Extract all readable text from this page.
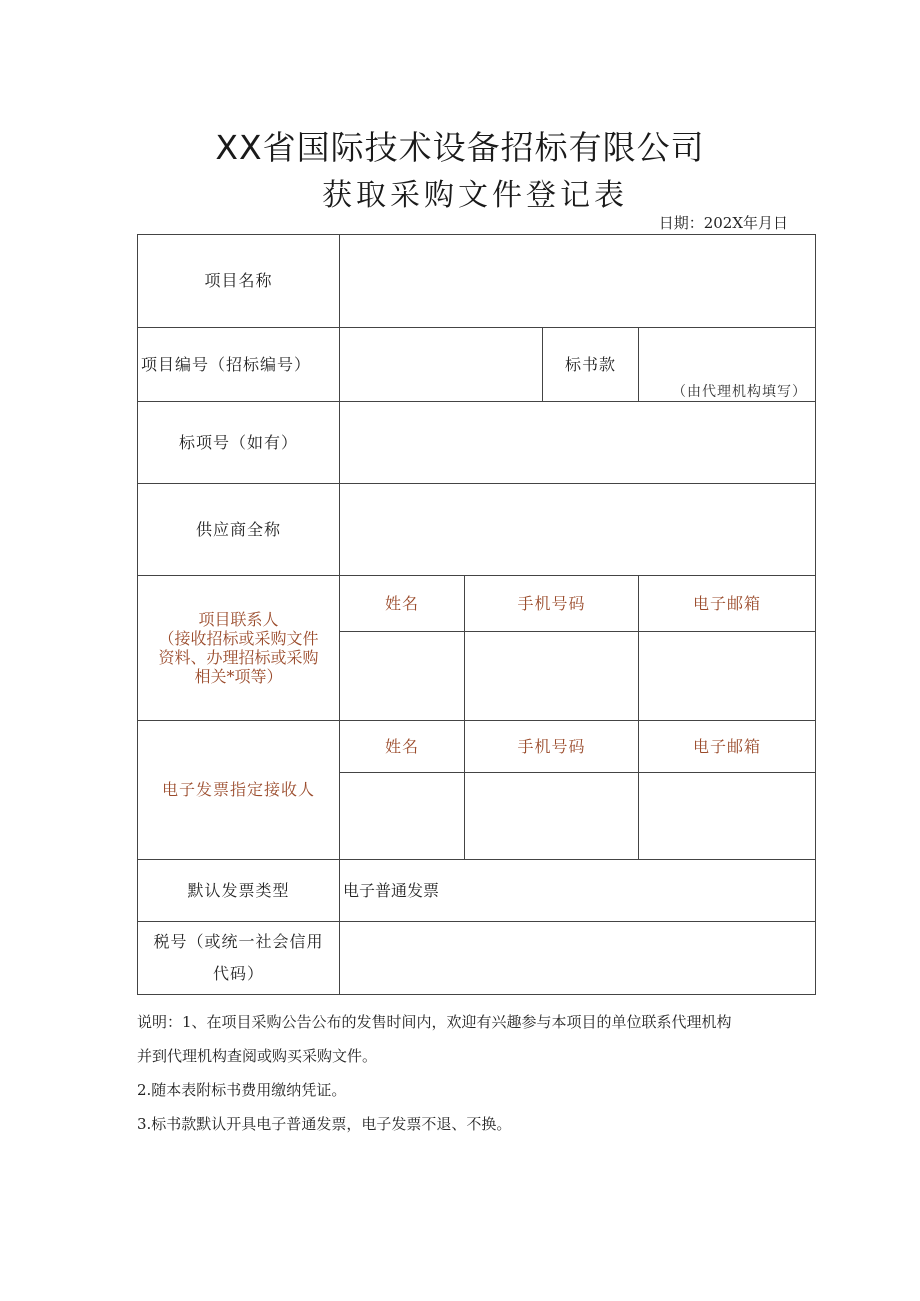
XX省国际技术设备招标有限公司
获取采购文件登记表
日期：202X年月日
项目名称				
项目编号（招标编号）			标书款	（由代理机构填写）

标项号（如有）				
供应商全称				

项目联系人
（接收招标或采购文件
资料、办理招标或采购
相关*项等）	姓名	手机号码		电子邮箱

电子发票指定接收人	姓名	手机号码		电子邮箱

默认发票类型	电子普通发票			

税号（或统一社会信用
代码）				

说明：1、在项目采购公告公布的发售时间内，欢迎有兴趣参与本项目的单位联系代理机构

并到代理机构查阅或购买采购文件。

2.随本表附标书费用缴纳凭证。

3.标书款默认开具电子普通发票，电子发票不退、不换。
